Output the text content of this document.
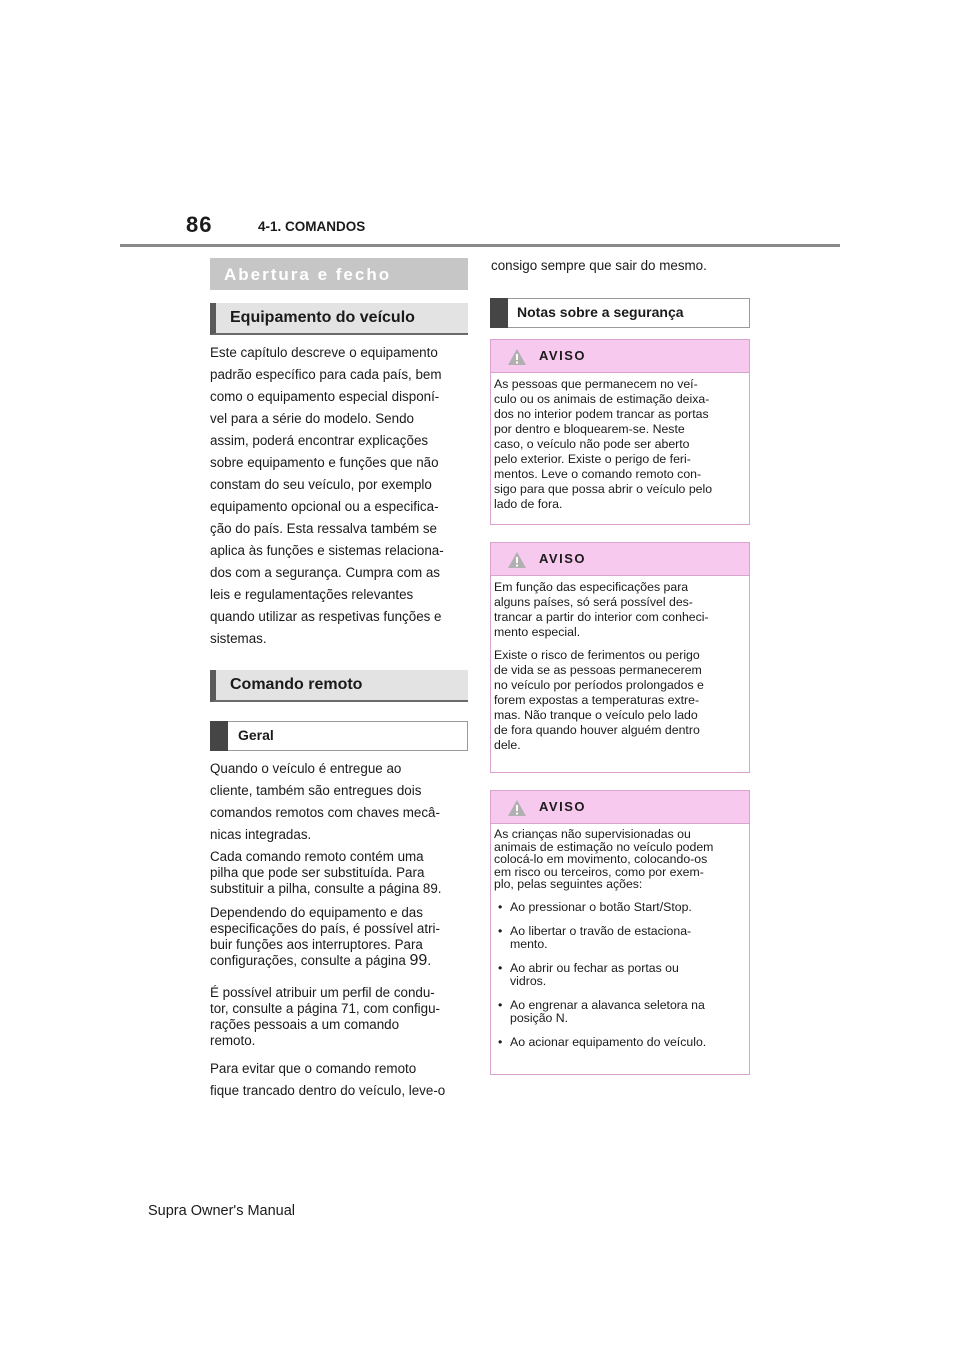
86	4-1. COMANDOS
Abertura e fecho
Equipamento do veículo
Este capítulo descreve o equipamento
padrão específico para cada país, bem
como o equipamento especial disponí-
vel para a série do modelo. Sendo
assim, poderá encontrar explicações
sobre equipamento e funções que não
constam do seu veículo, por exemplo
equipamento opcional ou a especifica-
ção do país. Esta ressalva também se
aplica às funções e sistemas relaciona-
dos com a segurança. Cumpra com as
leis e regulamentações relevantes
quando utilizar as respetivas funções e
sistemas.
Comando remoto
Geral
Quando o veículo é entregue ao
cliente, também são entregues dois
comandos remotos com chaves mecâ-
nicas integradas.
Cada comando remoto contém uma
pilha que pode ser substituída. Para
substituir a pilha, consulte a página 89.
Dependendo do equipamento e das
especificações do país, é possível atri-
buir funções aos interruptores. Para
configurações, consulte a página 99.
É possível atribuir um perfil de condu-
tor, consulte a página 71, com configu-
rações pessoais a um comando
remoto.
Para evitar que o comando remoto
fique trancado dentro do veículo, leve-o
consigo sempre que sair do mesmo.
Notas sobre a segurança
AVISO
As pessoas que permanecem no veí-
culo ou os animais de estimação deixa-
dos no interior podem trancar as portas
por dentro e bloquearem-se. Neste
caso, o veículo não pode ser aberto
pelo exterior. Existe o perigo de feri-
mentos. Leve o comando remoto con-
sigo para que possa abrir o veículo pelo
lado de fora.
AVISO

Em função das especificações para
alguns países, só será possível des-
trancar a partir do interior com conheci-
mento especial.

Existe o risco de ferimentos ou perigo
de vida se as pessoas permanecerem
no veículo por períodos prolongados e
forem expostas a temperaturas extre-
mas. Não tranque o veículo pelo lado
de fora quando houver alguém dentro
dele.

AVISO

As crianças não supervisionadas ou
animais de estimação no veículo podem
colocá-lo em movimento, colocando-os
em risco ou terceiros, como por exem-
plo, pelas seguintes ações:

• Ao pressionar o botão Start/Stop.
• Ao libertar o travão de estaciona-
mento.
• Ao abrir ou fechar as portas ou
vidros.
• Ao engrenar a alavanca seletora na
posição N.
• Ao acionar equipamento do veículo.
Supra Owner's Manual
